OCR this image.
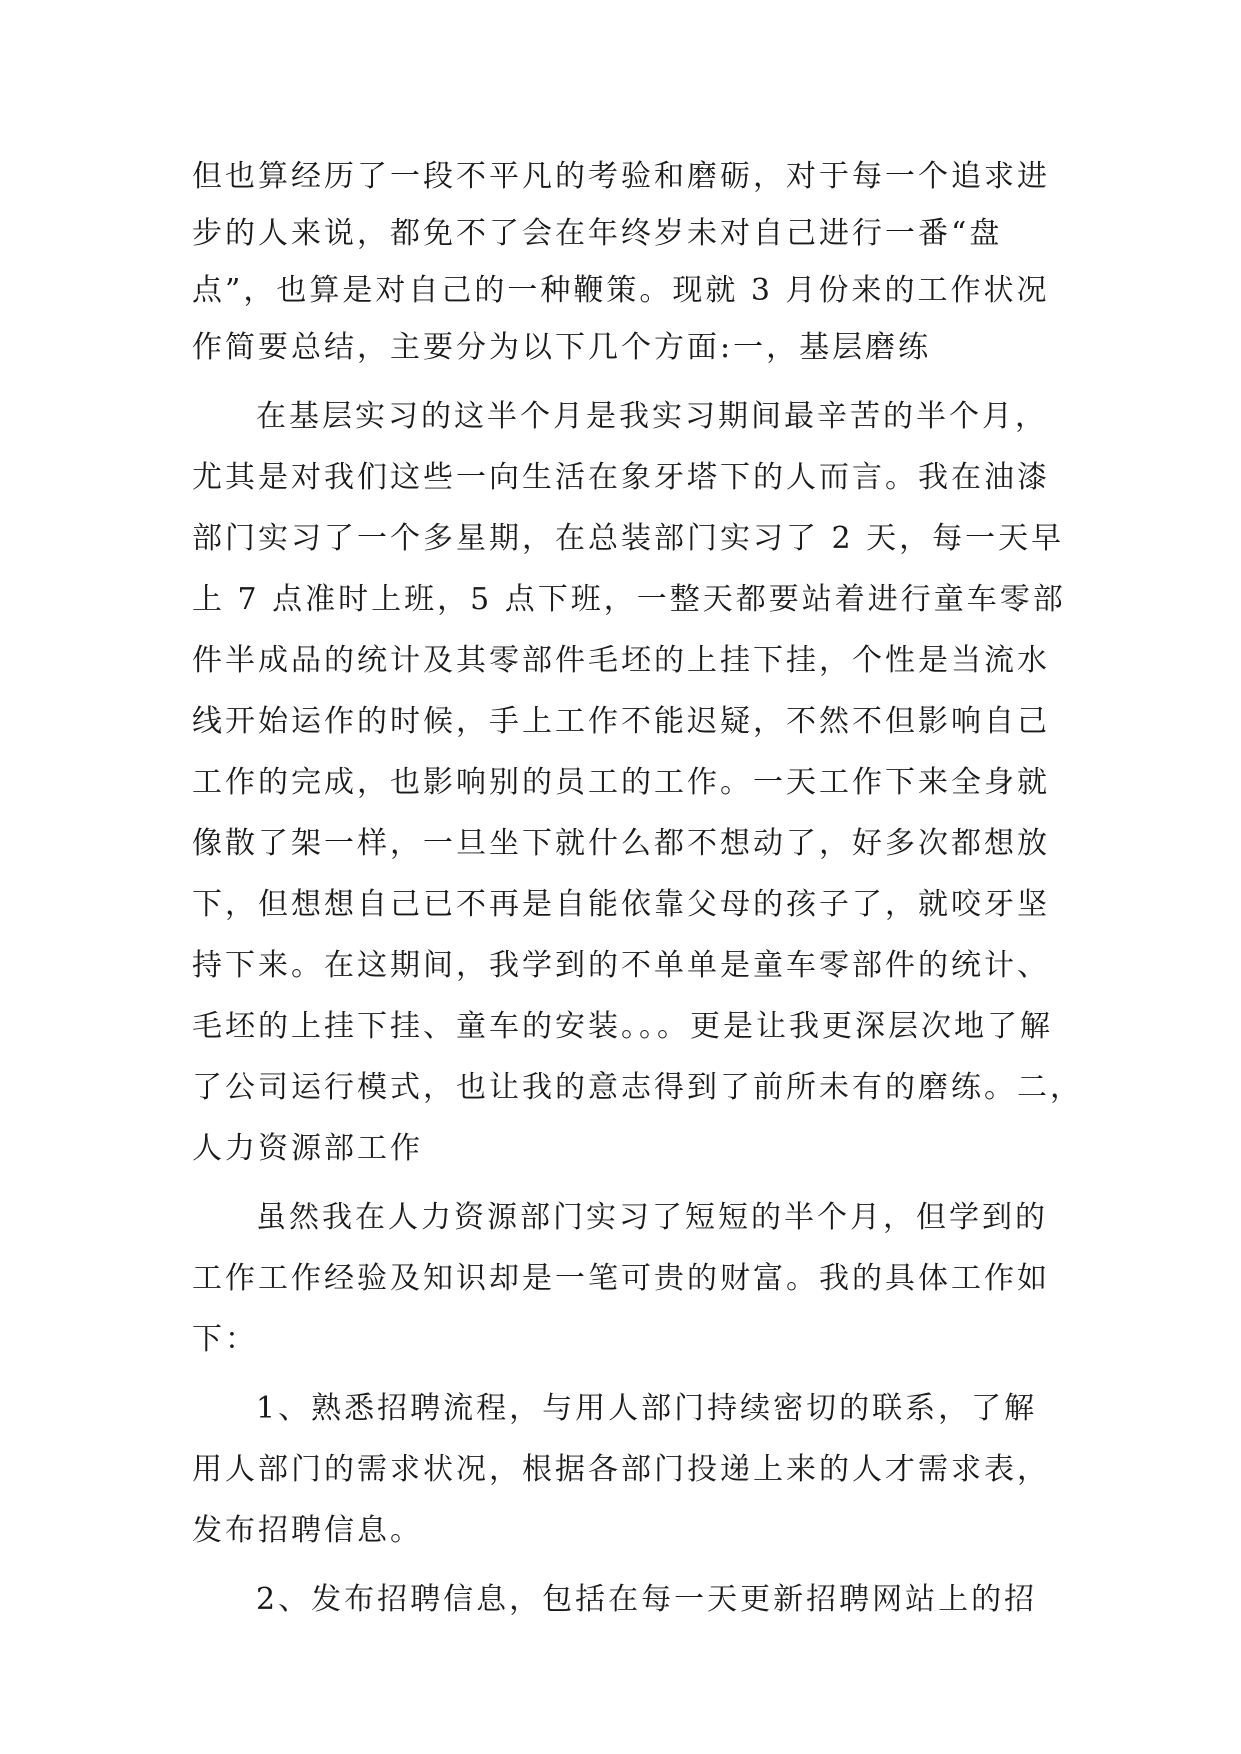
但也算经历了一段不平凡的考验和磨砺，对于每一个追求进
步的人来说，都免不了会在年终岁未对自己进行一番“盘
点”，也算是对自己的一种鞭策。现就 3 月份来的工作状况
作简要总结，主要分为以下几个方面:一，基层磨练
在基层实习的这半个月是我实习期间最辛苦的半个月，
尤其是对我们这些一向生活在象牙塔下的人而言。我在油漆
部门实习了一个多星期，在总装部门实习了 2 天，每一天早
上 7 点准时上班，5 点下班，一整天都要站着进行童车零部
件半成品的统计及其零部件毛坯的上挂下挂，个性是当流水
线开始运作的时候，手上工作不能迟疑，不然不但影响自己
工作的完成，也影响别的员工的工作。一天工作下来全身就
像散了架一样，一旦坐下就什么都不想动了，好多次都想放
下，但想想自己已不再是自能依靠父母的孩子了，就咬牙坚
持下来。在这期间，我学到的不单单是童车零部件的统计、
毛坯的上挂下挂、童车的安装。。。更是让我更深层次地了解
了公司运行模式，也让我的意志得到了前所未有的磨练。二，
人力资源部工作
虽然我在人力资源部门实习了短短的半个月，但学到的
工作工作经验及知识却是一笔可贵的财富。我的具体工作如
下：
1、熟悉招聘流程，与用人部门持续密切的联系，了解
用人部门的需求状况，根据各部门投递上来的人才需求表，
发布招聘信息。
2、发布招聘信息，包括在每一天更新招聘网站上的招
